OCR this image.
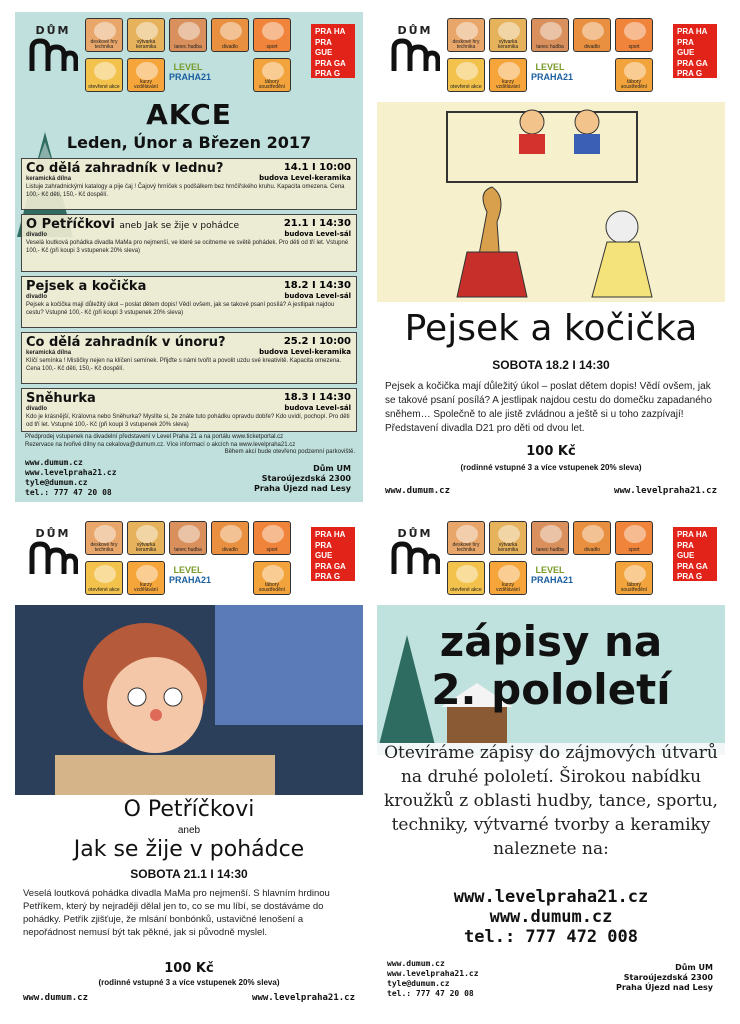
DŮM
deskové hry technika
výtvarka keramika	tanec hudba	divadlo	sport
otevřené akce
kurzy vzdělávání
LEVEL
PRAHA21	tábory soustředění
PRA HA
PRA GUE
PRA GA
PRA G
AKCE
Leden, Únor a Březen 2017
Co dělá zahradník v lednu?	14.1 I 10:00
budova Level-keramika
keramická dílna
Listuje zahradnickými katalogy a pije čaj ! Čajový hrníček s podšálkem bez hrnčířského kruhu. Kapacita omezena. Cena 100,- Kč děti, 150,- Kč dospělí.
O Petříčkovi aneb Jak se žije v pohádce	21.1 I 14:30
budova Level-sál
divadlo
Veselá loutková pohádka divadla MaMa pro nejmenší, ve které se ocitneme ve světě pohádek. Pro děti od tří let. Vstupné 100,- Kč (při koupi 3 vstupenek 20% sleva)
Pejsek a kočička	18.2 I 14:30
budova Level-sál
divadlo
Pejsek a kočička mají důležitý úkol – poslat dětem dopis! Vědí ovšem, jak se takové psaní posílá? A jestlipak najdou cestu? Vstupné 100,- Kč (při koupi 3 vstupenek 20% sleva)
Co dělá zahradník v únoru?	25.2 I 10:00
budova Level-keramika
keramická dílna
Klíčí semínka ! Mističky nejen na klíčení semínek. Přijďte s námi tvořit a povolit uzdu své kreativitě. Kapacita omezena. Cena 100,- Kč děti, 150,- Kč dospělí.
Sněhurka	18.3 I 14:30
budova Level-sál
divadlo
Kdo je krásnější, Královna nebo Sněhurka? Myslíte si, že znáte tuto pohádku opravdu dobře? Kdo uvidí, pochopí. Pro děti od tří let. Vstupné 100,- Kč (při koupi 3 vstupenek 20% sleva)
Předprodej vstupenek na divadelní představení v Level Praha 21 a na portálu www.ticketportal.cz
Rezervace na tvořivé dílny na cekalova@dumum.cz. Více informací o akcích na www.levelpraha21.cz
Během akcí bude otevřeno podzemní parkoviště.
www.dumum.cz
www.levelpraha21.cz
tyle@dumum.cz
tel.: 777 47 20 08
Dům UM
Staroújezdská 2300
Praha Újezd nad Lesy
DŮM
deskové hry technika
výtvarka keramika	tanec hudba	divadlo	sport
otevřené akce
kurzy vzdělávání
LEVEL
PRAHA21	tábory soustředění
PRA HA
PRA GUE
PRA GA
PRA G
Pejsek a kočička
SOBOTA 18.2 I 14:30
Pejsek a kočička mají důležitý úkol – poslat dětem dopis! Vědí ovšem, jak se takové psaní posílá? A jestlipak najdou cestu do domečku zapadaného sněhem… Společně to ale jistě zvládnou a ještě si u toho zazpívají! Představení divadla D21 pro děti od dvou let.
100 Kč
(rodinné vstupné 3 a více vstupenek 20% sleva)
www.dumum.cz	www.levelpraha21.cz
DŮM
deskové hry technika
výtvarka keramika	tanec hudba	divadlo	sport
otevřené akce
kurzy vzdělávání
LEVEL
PRAHA21	tábory soustředění
PRA HA
PRA GUE
PRA GA
PRA G
O Petříčkovi
aneb
Jak se žije v pohádce
SOBOTA 21.1 I 14:30
Veselá loutková pohádka divadla MaMa pro nejmenší. S hlavním hrdinou Petříkem, který by nejraději dělal jen to, co se mu líbí, se dostáváme do pohádky. Petřík zjišťuje, že mlsání bonbónků, ustavičné lenošení a nepořádnost nemusí být tak pěkné, jak si původně myslel.
100 Kč
(rodinné vstupné 3 a více vstupenek 20% sleva)
www.dumum.cz	www.levelpraha21.cz
DŮM
deskové hry technika
výtvarka keramika	tanec hudba	divadlo	sport
otevřené akce
kurzy vzdělávání
LEVEL
PRAHA21	tábory soustředění
PRA HA
PRA GUE
PRA GA
PRA G
zápisy na
2. pololetí
Otevíráme zápisy do zájmových útvarů na druhé pololetí. Širokou nabídku kroužků z oblasti hudby, tance, sportu, techniky, výtvarné tvorby a keramiky naleznete na:
www.levelpraha21.cz
www.dumum.cz
tel.: 777 472 008
www.dumum.cz
www.levelpraha21.cz
tyle@dumum.cz
tel.: 777 47 20 08
Dům UM
Staroújezdská 2300
Praha Újezd nad Lesy
